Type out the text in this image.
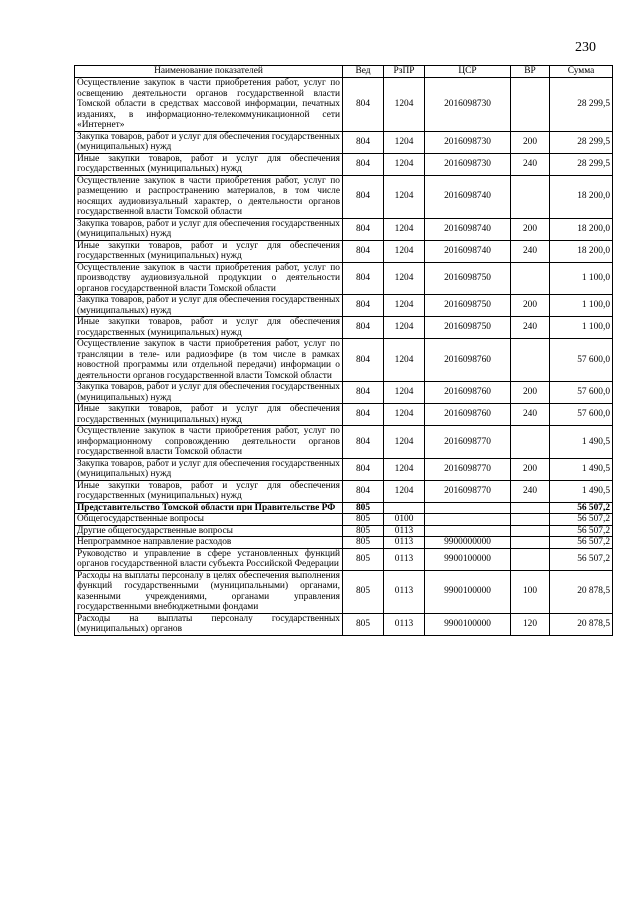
230
Наименование показателей	Вед	РзПР	ЦСР	ВР	Сумма
Осуществление закупок в части приобретения работ, услуг по освещению деятельности органов государственной власти Томской области в средствах массовой информации, печатных изданиях, в информационно-телекоммуникационной сети «Интернет»	804	1204	2016098730		28 299,5
Закупка товаров, работ и услуг для обеспечения государственных (муниципальных) нужд	804	1204	2016098730	200	28 299,5
Иные закупки товаров, работ и услуг для обеспечения государственных (муниципальных) нужд	804	1204	2016098730	240	28 299,5
Осуществление закупок в части приобретения работ, услуг по размещению и распространению материалов, в том числе носящих аудиовизуальный характер, о деятельности органов государственной власти Томской области	804	1204	2016098740		18 200,0
Закупка товаров, работ и услуг для обеспечения государственных (муниципальных) нужд	804	1204	2016098740	200	18 200,0
Иные закупки товаров, работ и услуг для обеспечения государственных (муниципальных) нужд	804	1204	2016098740	240	18 200,0
Осуществление закупок в части приобретения работ, услуг по производству аудиовизуальной продукции о деятельности органов государственной власти Томской области	804	1204	2016098750		1 100,0
Закупка товаров, работ и услуг для обеспечения государственных (муниципальных) нужд	804	1204	2016098750	200	1 100,0
Иные закупки товаров, работ и услуг для обеспечения государственных (муниципальных) нужд	804	1204	2016098750	240	1 100,0
Осуществление закупок в части приобретения работ, услуг по трансляции в теле- или радиоэфире (в том числе в рамках новостной программы или отдельной передачи) информации о деятельности органов государственной власти Томской области	804	1204	2016098760		57 600,0
Закупка товаров, работ и услуг для обеспечения государственных (муниципальных) нужд	804	1204	2016098760	200	57 600,0
Иные закупки товаров, работ и услуг для обеспечения государственных (муниципальных) нужд	804	1204	2016098760	240	57 600,0
Осуществление закупок в части приобретения работ, услуг по информационному сопровождению деятельности органов государственной власти Томской области	804	1204	2016098770		1 490,5
Закупка товаров, работ и услуг для обеспечения государственных (муниципальных) нужд	804	1204	2016098770	200	1 490,5
Иные закупки товаров, работ и услуг для обеспечения государственных (муниципальных) нужд	804	1204	2016098770	240	1 490,5
Представительство Томской области при Правительстве РФ	805				56 507,2
Общегосударственные вопросы	805	0100			56 507,2
Другие общегосударственные вопросы	805	0113			56 507,2
Непрограммное направление расходов	805	0113	9900000000		56 507,2
Руководство и управление в сфере установленных функций органов государственной власти субъекта Российской Федерации	805	0113	9900100000		56 507,2
Расходы на выплаты персоналу в целях обеспечения выполнения функций государственными (муниципальными) органами, казенными учреждениями, органами управления государственными внебюджетными фондами	805	0113	9900100000	100	20 878,5
Расходы на выплаты персоналу государственных (муниципальных) органов	805	0113	9900100000	120	20 878,5
